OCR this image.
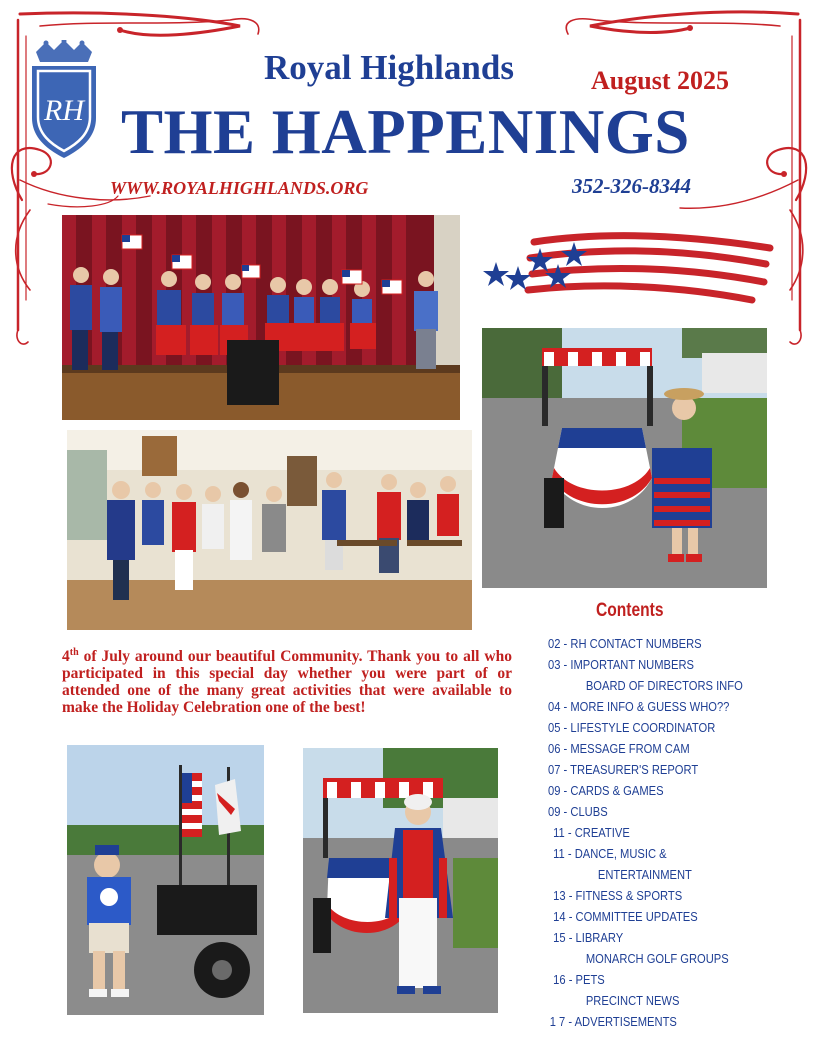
RH
Royal Highlands	August 2025
THE HAPPENINGS
WWW.ROYALHIGHLANDS.ORG	352-326-8344
4th of July around our beautiful Community. Thank you to all who participated in this special day whether you were part of or attended one of the many great activities that were available to make the Holiday Celebration one of the best!
Contents
02 - RH CONTACT NUMBERS
03 - IMPORTANT NUMBERS
BOARD OF DIRECTORS INFO
04 - MORE INFO & GUESS WHO??
05 - LIFESTYLE COORDINATOR
06 - MESSAGE FROM CAM
07 - TREASURER'S REPORT
09 - CARDS & GAMES
09 - CLUBS
11 - CREATIVE
11 - DANCE, MUSIC &
ENTERTAINMENT
13 - FITNESS & SPORTS
14 - COMMITTEE UPDATES
15 - LIBRARY
MONARCH GOLF GROUPS
16 - PETS
PRECINCT NEWS
1 7 - ADVERTISEMENTS
